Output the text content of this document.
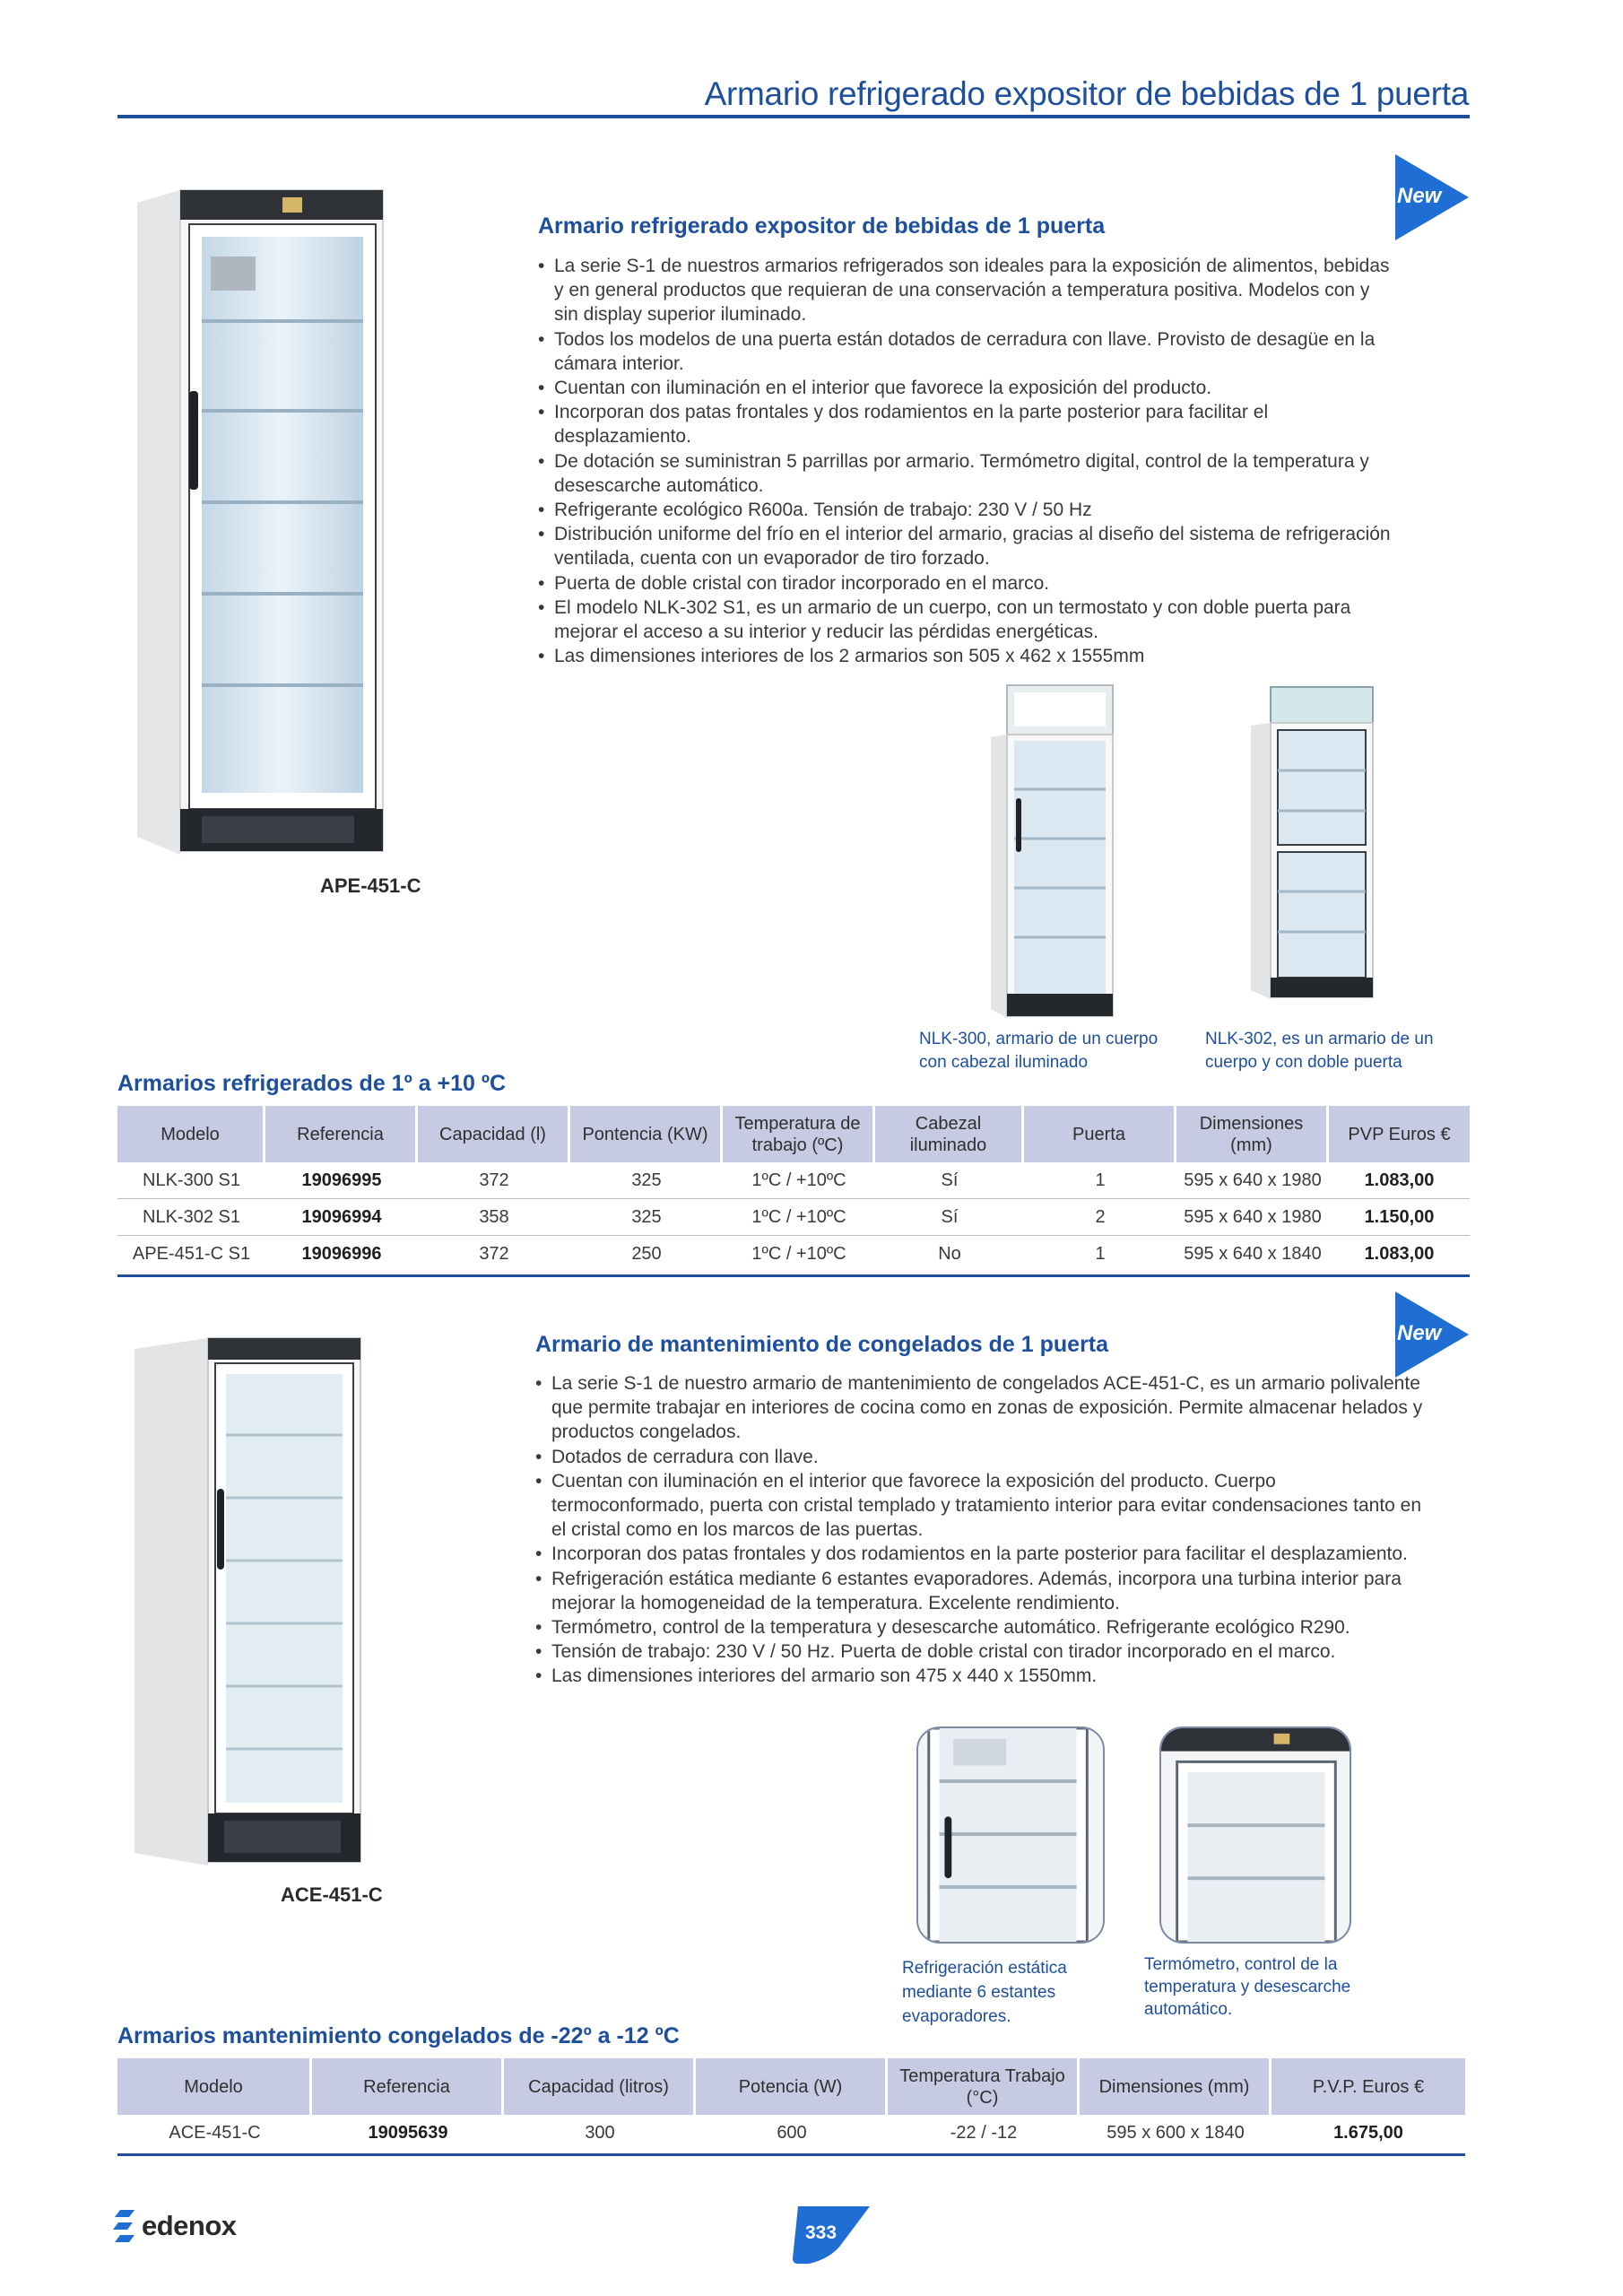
Armario refrigerado expositor de bebidas de 1 puerta
New
Armario refrigerado expositor de bebidas de 1 puerta
• La serie S-1 de nuestros armarios refrigerados son ideales para la exposición de alimentos, bebidas y en general productos que requieran de una conservación a temperatura positiva. Modelos con y sin display superior iluminado.
• Todos los modelos de una puerta están dotados de cerradura con llave. Provisto de desagüe en la cámara interior.
• Cuentan con iluminación en el interior que favorece la exposición del producto.
• Incorporan dos patas frontales y dos rodamientos en la parte posterior para facilitar el desplazamiento.
• De dotación se suministran 5 parrillas por armario. Termómetro digital, control de la temperatura y desescarche automático.
• Refrigerante ecológico R600a. Tensión de trabajo: 230 V / 50 Hz
• Distribución uniforme del frío en el interior del armario, gracias al diseño del sistema de refrigeración ventilada, cuenta con un evaporador de tiro forzado.
• Puerta de doble cristal con tirador incorporado en el marco.
• El modelo NLK-302 S1, es un armario de un cuerpo, con un termostato y con doble puerta para mejorar el acceso a su interior y reducir las pérdidas energéticas.
• Las dimensiones interiores de los 2 armarios son 505 x 462 x 1555mm
APE-451-C
NLK-300, armario de un cuerpo con cabezal iluminado
NLK-302, es un armario de un cuerpo y con doble puerta
Armarios refrigerados de 1º a +10 ºC
Modelo	Referencia	Capacidad (l)	Pontencia (KW)	Temperatura de trabajo (ºC)	Cabezal iluminado	Puerta	Dimensiones (mm)	PVP Euros €
NLK-300 S1	19096995	372	325	1ºC / +10ºC	Sí	1	595 x 640 x 1980	1.083,00
NLK-302 S1	19096994	358	325	1ºC / +10ºC	Sí	2	595 x 640 x 1980	1.150,00
APE-451-C S1	19096996	372	250	1ºC / +10ºC	No	1	595 x 640 x 1840	1.083,00
New
Armario de mantenimiento de congelados de 1 puerta
• La serie S-1 de nuestro armario de mantenimiento de congelados ACE-451-C, es un armario polivalente que permite trabajar en interiores de cocina como en zonas de exposición. Permite almacenar helados y productos congelados.
• Dotados de cerradura con llave.
• Cuentan con iluminación en el interior que favorece la exposición del producto. Cuerpo termoconformado, puerta con cristal templado y tratamiento interior para evitar condensaciones tanto en el cristal como en los marcos de las puertas.
• Incorporan dos patas frontales y dos rodamientos en la parte posterior para facilitar el desplazamiento.
• Refrigeración estática mediante 6 estantes evaporadores. Además, incorpora una turbina interior para mejorar la homogeneidad de la temperatura. Excelente rendimiento.
• Termómetro, control de la temperatura y desescarche automático. Refrigerante ecológico R290.
• Tensión de trabajo: 230 V / 50 Hz. Puerta de doble cristal con tirador incorporado en el marco.
• Las dimensiones interiores del armario son 475 x 440 x 1550mm.
ACE-451-C
Refrigeración estática mediante 6 estantes evaporadores.
Termómetro, control de la temperatura y desescarche automático.
Armarios mantenimiento congelados de -22º a -12 ºC
Modelo	Referencia	Capacidad (litros)	Potencia (W)	Temperatura Trabajo (°C)	Dimensiones (mm)	P.V.P. Euros €
ACE-451-C	19095639	300	600	-22 / -12	595 x 600 x 1840	1.675,00
edenox	333
